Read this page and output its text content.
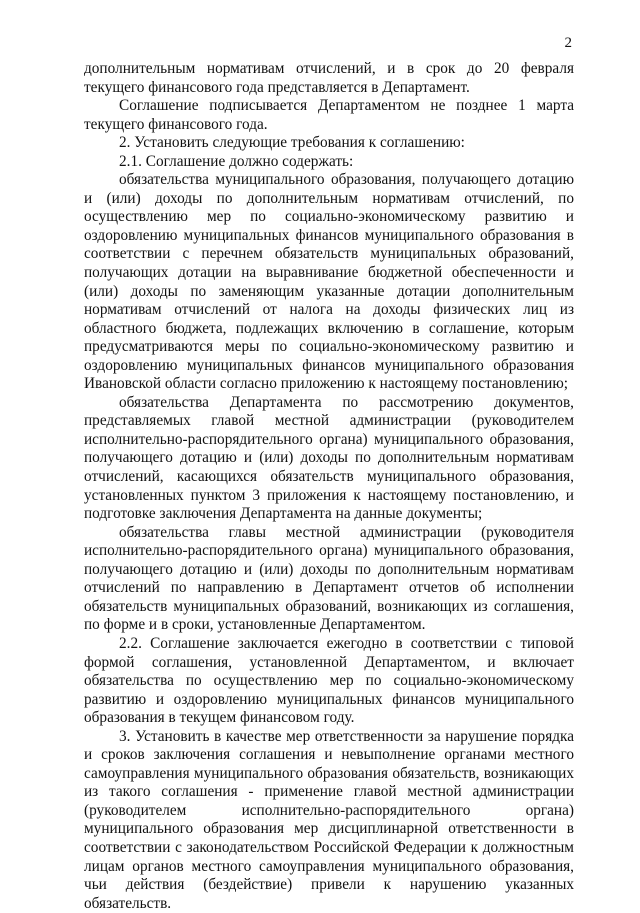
2

дополнительным нормативам отчислений, и в срок до 20 февраля текущего финансового года представляется в Департамент.

Соглашение подписывается Департаментом не позднее 1 марта текущего финансового года.

2. Установить следующие требования к соглашению:

2.1. Соглашение должно содержать:

обязательства муниципального образования, получающего дотацию и (или) доходы по дополнительным нормативам отчислений, по осуществлению мер по социально-экономическому развитию и оздоровлению муниципальных финансов муниципального образования в соответствии с перечнем обязательств муниципальных образований, получающих дотации на выравнивание бюджетной обеспеченности и (или) доходы по заменяющим указанные дотации дополнительным нормативам отчислений от налога на доходы физических лиц из областного бюджета, подлежащих включению в соглашение, которым предусматриваются меры по социально-экономическому развитию и оздоровлению муниципальных финансов муниципального образования Ивановской области согласно приложению к настоящему постановлению;

обязательства Департамента по рассмотрению документов, представляемых главой местной администрации (руководителем исполнительно-распорядительного органа) муниципального образования, получающего дотацию и (или) доходы по дополнительным нормативам отчислений, касающихся обязательств муниципального образования, установленных пунктом 3 приложения к настоящему постановлению, и подготовке заключения Департамента на данные документы;

обязательства главы местной администрации (руководителя исполнительно-распорядительного органа) муниципального образования, получающего дотацию и (или) доходы по дополнительным нормативам отчислений по направлению в Департамент отчетов об исполнении обязательств муниципальных образований, возникающих из соглашения, по форме и в сроки, установленные Департаментом.

2.2. Соглашение заключается ежегодно в соответствии с типовой формой соглашения, установленной Департаментом, и включает обязательства по осуществлению мер по социально-экономическому развитию и оздоровлению муниципальных финансов муниципального образования в текущем финансовом году.

3. Установить в качестве мер ответственности за нарушение порядка и сроков заключения соглашения и невыполнение органами местного самоуправления муниципального образования обязательств, возникающих из такого соглашения - применение главой местной администрации (руководителем исполнительно-распорядительного органа) муниципального образования мер дисциплинарной ответственности в соответствии с законодательством Российской Федерации к должностным лицам органов местного самоуправления муниципального образования, чьи действия (бездействие) привели к нарушению указанных обязательств.
